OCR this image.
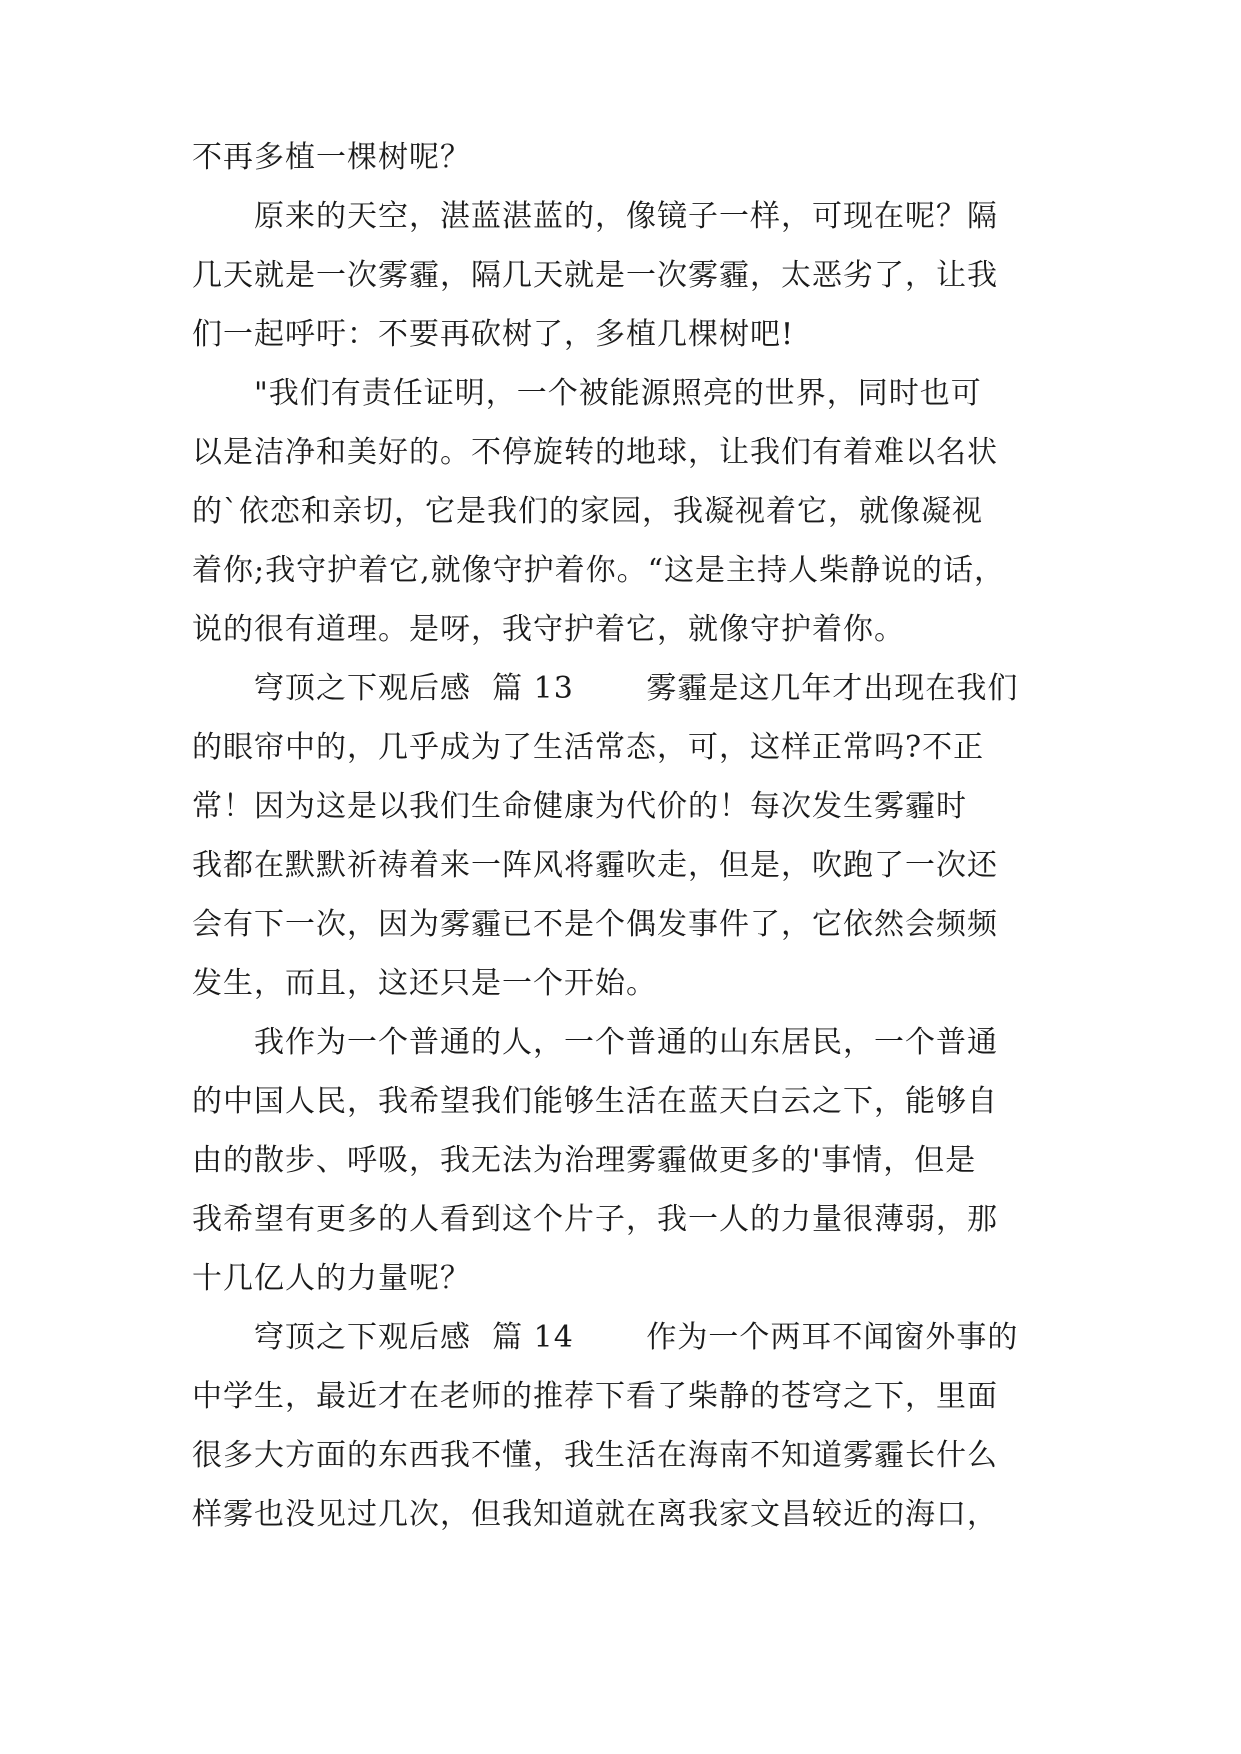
不再多植一棵树呢？
　　原来的天空，湛蓝湛蓝的，像镜子一样，可现在呢？隔
几天就是一次雾霾，隔几天就是一次雾霾，太恶劣了，让我
们一起呼吁：不要再砍树了，多植几棵树吧!
　　"我们有责任证明，一个被能源照亮的世界，同时也可
以是洁净和美好的。不停旋转的地球，让我们有着难以名状
的`依恋和亲切，它是我们的家园，我凝视着它，就像凝视
着你;我守护着它,就像守护着你。“这是主持人柴静说的话，
说的很有道理。是呀，我守护着它，就像守护着你。
　　穹顶之下观后感  篇 13　　 雾霾是这几年才出现在我们
的眼帘中的，几乎成为了生活常态，可，这样正常吗?不正
常！因为这是以我们生命健康为代价的！每次发生雾霾时
我都在默默祈祷着来一阵风将霾吹走，但是，吹跑了一次还
会有下一次，因为雾霾已不是个偶发事件了，它依然会频频
发生，而且，这还只是一个开始。
　　我作为一个普通的人，一个普通的山东居民，一个普通
的中国人民，我希望我们能够生活在蓝天白云之下，能够自
由的散步、呼吸，我无法为治理雾霾做更多的'事情，但是
我希望有更多的人看到这个片子，我一人的力量很薄弱，那
十几亿人的力量呢？
　　穹顶之下观后感  篇 14　　 作为一个两耳不闻窗外事的
中学生，最近才在老师的推荐下看了柴静的苍穹之下，里面
很多大方面的东西我不懂，我生活在海南不知道雾霾长什么
样雾也没见过几次，但我知道就在离我家文昌较近的海口，
